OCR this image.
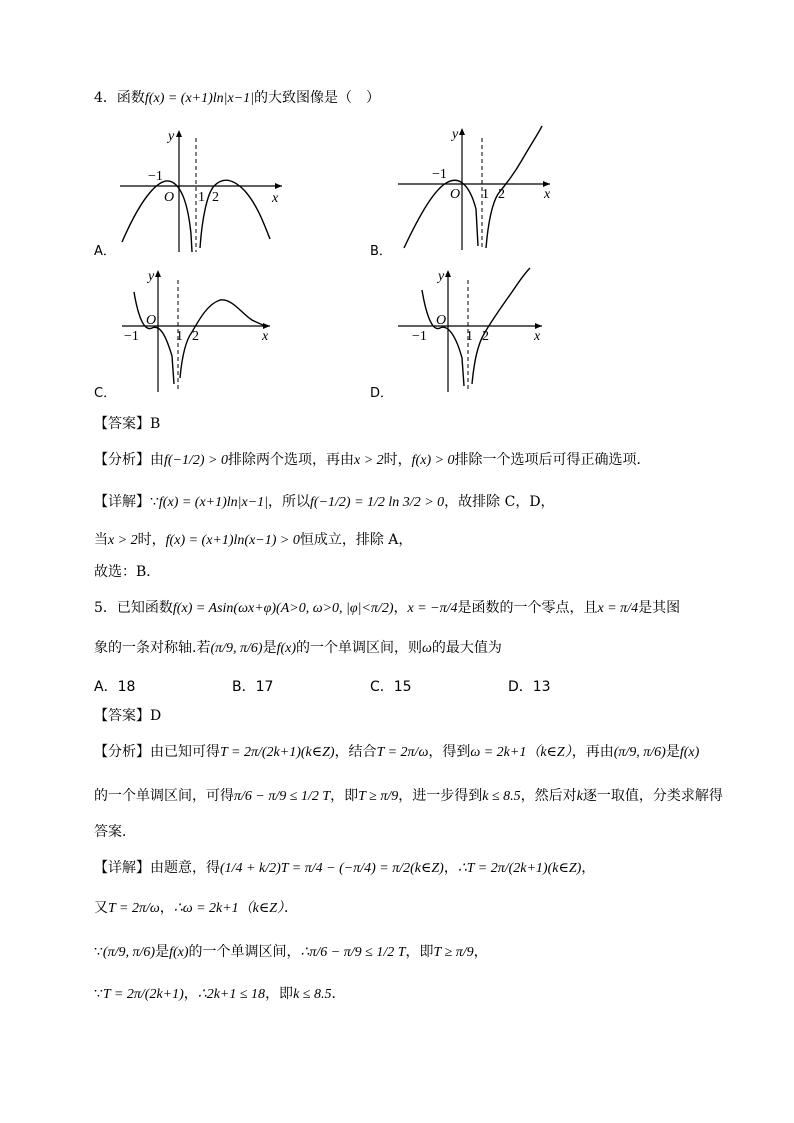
4．函数f(x) = (x+1)ln|x−1|的大致图像是（　）
y
x
O
−1
1 2
A．
y
x
O
−1
1 2
B．
y
x
O
−1	1 2
C．
y
x
O
−1	1 2
D．
【答案】B
【分析】由f(−1/2) > 0排除两个选项，再由x > 2时，f(x) > 0排除一个选项后可得正确选项．
【详解】∵f(x) = (x+1)ln|x−1|，所以f(−1/2) = 1/2 ln 3/2 > 0，故排除 C，D，
当x > 2时，f(x) = (x+1)ln(x−1) > 0恒成立，排除 A，
故选：B．
5．已知函数f(x) = Asin(ωx+φ)(A>0, ω>0, |φ|<π/2)，x = −π/4是函数的一个零点，且x = π/4是其图
象的一条对称轴.若(π/9, π/6)是f(x)的一个单调区间，则ω的最大值为
A．18	B．17	C．15	D．13
【答案】D
【分析】由已知可得T = 2π/(2k+1)(k∈Z)，结合T = 2π/ω，得到ω = 2k+1（k∈Z），再由(π/9, π/6)是f(x)
的一个单调区间，可得π/6 − π/9 ≤ 1/2 T，即T ≥ π/9，进一步得到k ≤ 8.5，然后对k逐一取值，分类求解得
答案．
【详解】由题意，得(1/4 + k/2)T = π/4 − (−π/4) = π/2(k∈Z)，∴T = 2π/(2k+1)(k∈Z)，
又T = 2π/ω，∴ω = 2k+1（k∈Z）．
∵(π/9, π/6)是f(x)的一个单调区间，∴π/6 − π/9 ≤ 1/2 T，即T ≥ π/9，
∵T = 2π/(2k+1)，∴2k+1 ≤ 18，即k ≤ 8.5．
